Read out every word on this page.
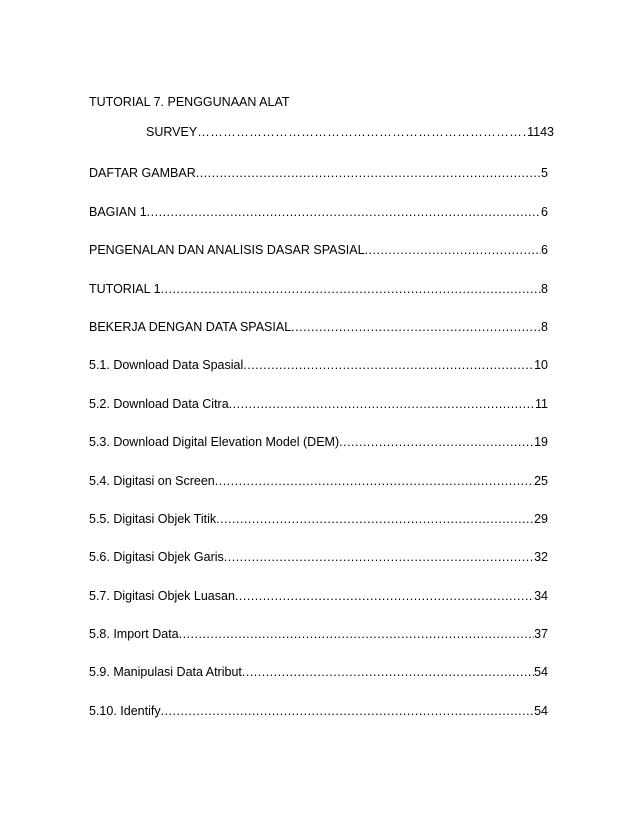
TUTORIAL 7. PENGGUNAAN ALAT
SURVEY ………………………………………………………………………………………………………………………………………………	1143
DAFTAR GAMBAR .....	5
BAGIAN 1 .....	6
PENGENALAN DAN ANALISIS DASAR SPASIAL .....	6
TUTORIAL 1 .....	8
BEKERJA DENGAN DATA SPASIAL .....	8
5.1. Download Data Spasial .....	10
5.2. Download Data Citra .....	11
5.3. Download Digital Elevation Model (DEM) .....	19
5.4. Digitasi on Screen .....	25
5.5. Digitasi Objek Titik .....	29
5.6. Digitasi Objek Garis .....	32
5.7. Digitasi Objek Luasan .....	34
5.8. Import Data .....	37
5.9. Manipulasi Data Atribut .....	54
5.10. Identify .....	54
